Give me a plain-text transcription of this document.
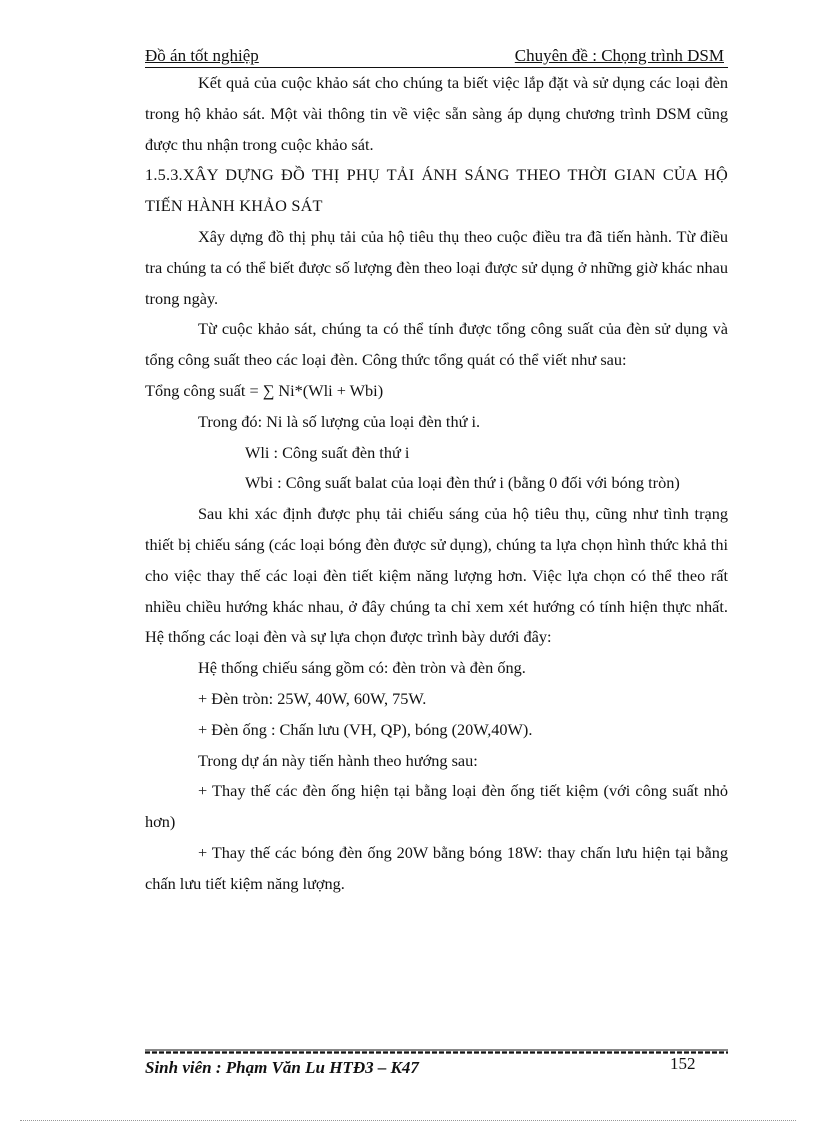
Đồ án tốt nghiệp	Chuyên đề : Chọng trình DSM

Kết quả của cuộc khảo sát cho chúng ta biết việc lắp đặt và sử dụng các loại đèn trong hộ khảo sát. Một vài thông tin về việc sẵn sàng áp dụng chương trình DSM cũng được thu nhận trong cuộc khảo sát.

1.5.3.XÂY DỰNG ĐỒ THỊ PHỤ TẢI ÁNH SÁNG THEO THỜI GIAN CỦA HỘ TIẾN HÀNH KHẢO SÁT

Xây dựng đồ thị phụ tải của hộ tiêu thụ theo cuộc điều tra đã tiến hành. Từ điều tra chúng ta có thể biết được số lượng đèn theo loại được sử dụng ở những giờ khác nhau trong ngày.

Từ cuộc khảo sát, chúng ta có thể tính được tổng công suất của đèn sử dụng và tổng công suất theo các loại đèn. Công thức tổng quát có thể viết như sau:

Tổng công suất = ∑ Ni*(Wli + Wbi)

Trong đó: Ni là số lượng của loại đèn thứ i.

Wli : Công suất đèn thứ i

Wbi : Công suất balat của loại đèn thứ i (bằng 0 đối với bóng tròn)

Sau khi xác định được phụ tải chiếu sáng của hộ tiêu thụ, cũng như tình trạng thiết bị chiếu sáng (các loại bóng đèn được sử dụng), chúng ta lựa chọn hình thức khả thi cho việc thay thế các loại đèn tiết kiệm năng lượng hơn. Việc lựa chọn có thể theo rất nhiều chiều hướng khác nhau, ở đây chúng ta chỉ xem xét hướng có tính hiện thực nhất. Hệ thống các loại đèn và sự lựa chọn được trình bày dưới đây:

Hệ thống chiếu sáng gồm có: đèn tròn và đèn ống.

+ Đèn tròn: 25W, 40W, 60W, 75W.

+ Đèn ống : Chấn lưu (VH, QP), bóng (20W,40W).

Trong dự án này tiến hành theo hướng sau:

+ Thay thế các đèn ống hiện tại bằng loại đèn ống tiết kiệm (với công suất nhỏ hơn)

+ Thay thế các bóng đèn ống 20W bằng bóng 18W: thay chấn lưu hiện tại bằng chấn lưu tiết kiệm năng lượng.

Sinh viên : Phạm Văn Lu HTĐ3 – K47	152
